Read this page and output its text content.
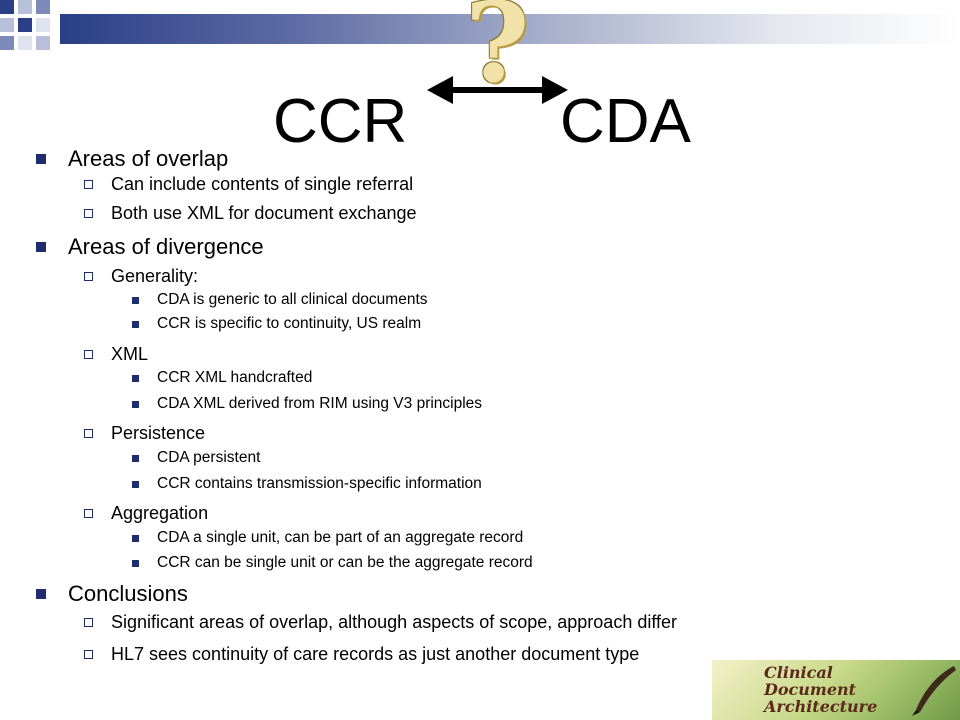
CCR CDA
?
Areas of overlap
Can include contents of single referral
Both use XML for document exchange
Areas of divergence
Generality:
CDA is generic to all clinical documents
CCR is specific to continuity, US realm
XML
CCR XML handcrafted
CDA XML derived from RIM using V3 principles
Persistence
CDA persistent
CCR contains transmission-specific information
Aggregation
CDA a single unit, can be part of an aggregate record
CCR can be single unit or can be the aggregate record
Conclusions
Significant areas of overlap, although aspects of scope, approach differ
HL7 sees continuity of care records as just another document type
Clinical
Document
Architecture
